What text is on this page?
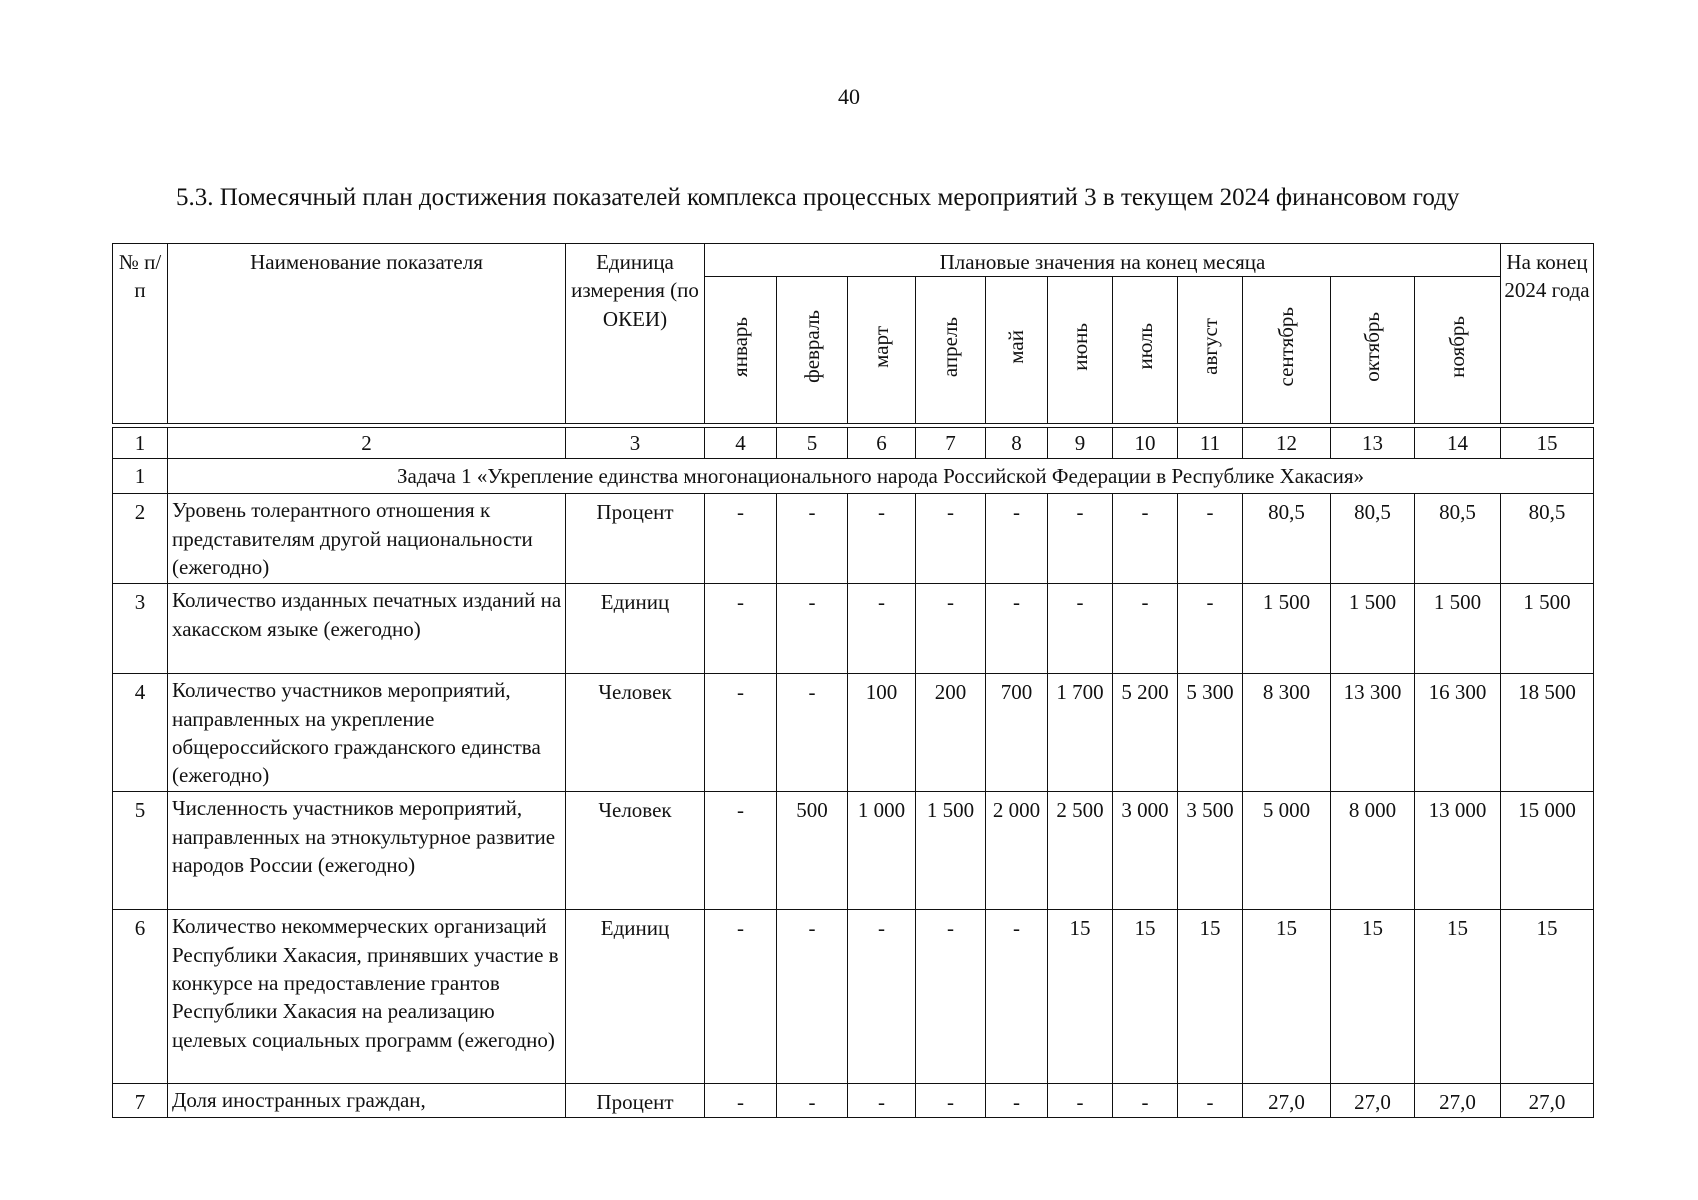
40
5.3. Помесячный план достижения показателей комплекса процессных мероприятий 3 в текущем 2024 финансовом году
№ п/п	Наименование показателя	Единица измерения (по ОКЕИ)	Плановые значения на конец месяца											На конец 2024 года
			январь	февраль	март	апрель	май	июнь	июль	август	сентябрь	октябрь	ноябрь	

1	2	3	4	5	6	7	8	9	10	11	12	13	14	15
1	Задача 1 «Укрепление единства многонационального народа Российской Федерации в Республике Хакасия»													
2	Уровень толерантного отношения к представителям другой национальности (ежегодно)	Процент	-	-	-	-	-	-	-	-	80,5	80,5	80,5	80,5
3	Количество изданных печатных изданий на хакасском языке (ежегодно)	Единиц	-	-	-	-	-	-	-	-	1 500	1 500	1 500	1 500
4	Количество участников мероприятий, направленных на укрепление общероссийского гражданского единства (ежегодно)	Человек	-	-	100	200	700	1 700	5 200	5 300	8 300	13 300	16 300	18 500
5	Численность участников мероприятий, направленных на этнокультурное развитие народов России (ежегодно)	Человек	-	500	1 000	1 500	2 000	2 500	3 000	3 500	5 000	8 000	13 000	15 000
6	Количество некоммерческих организаций Республики Хакасия, принявших участие в конкурсе на предоставление грантов Республики Хакасия на реализацию целевых социальных программ (ежегодно)	Единиц	-	-	-	-	-	15	15	15	15	15	15	15
7	Доля иностранных граждан,	Процент	-	-	-	-	-	-	-	-	27,0	27,0	27,0	27,0
